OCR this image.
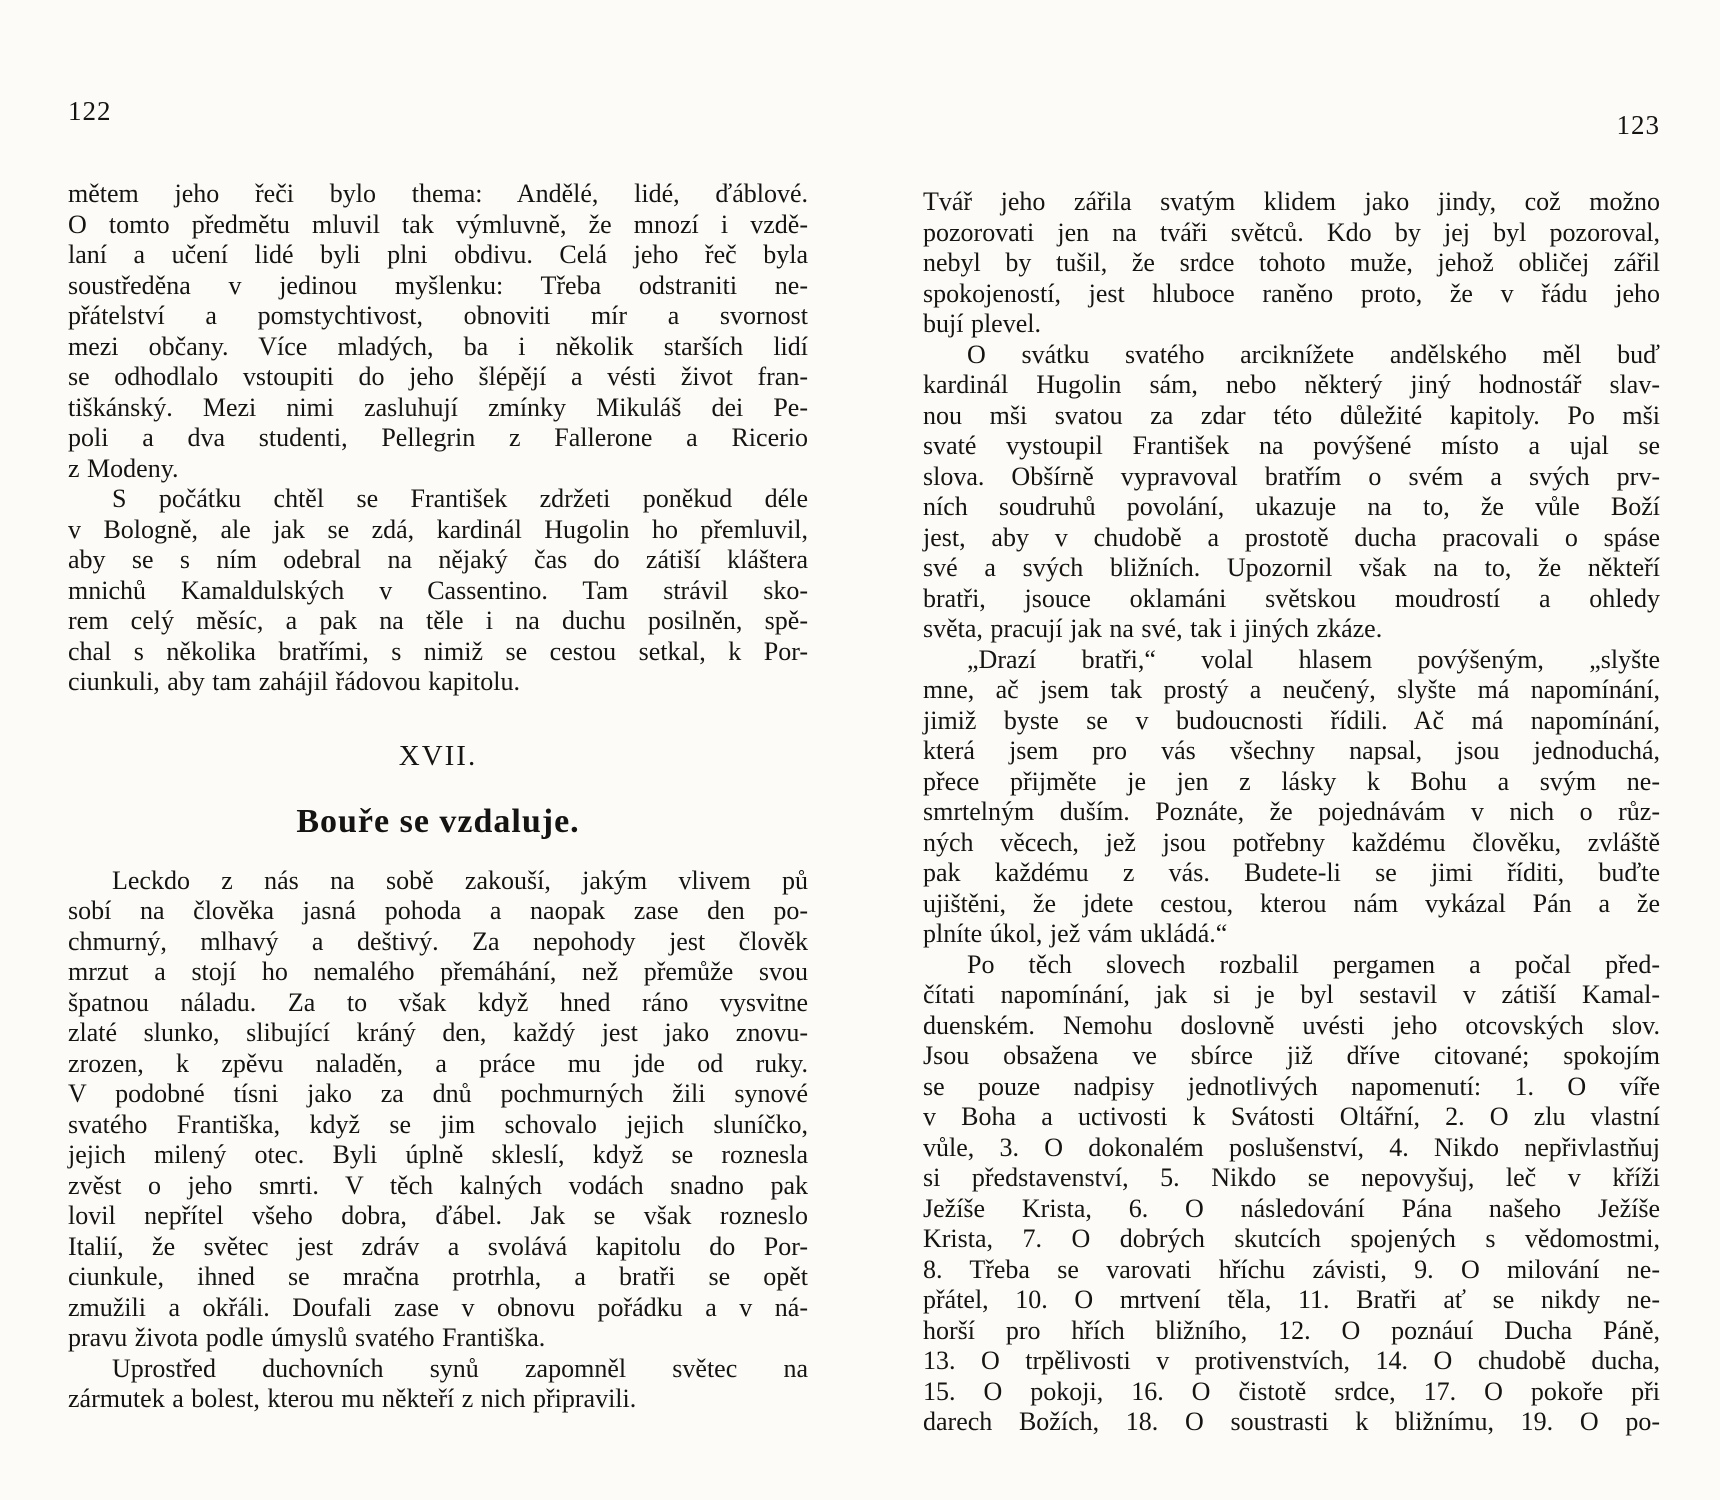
122
mětem jeho řeči bylo thema: Andělé, lidé, ďáblové.
O tomto předmětu mluvil tak výmluvně, že mnozí i vzdě-
laní a učení lidé byli plni obdivu. Celá jeho řeč byla
soustředěna v jedinou myšlenku: Třeba odstraniti ne-
přátelství a pomstychtivost, obnoviti mír a svornost
mezi občany. Více mladých, ba i několik starších lidí
se odhodlalo vstoupiti do jeho šlépějí a vésti život fran-
tiškánský. Mezi nimi zasluhují zmínky Mikuláš dei Pe-
poli a dva studenti, Pellegrin z Fallerone a Ricerio
z Modeny.
S počátku chtěl se František zdržeti poněkud déle
v Bologně, ale jak se zdá, kardinál Hugolin ho přemluvil,
aby se s ním odebral na nějaký čas do zátiší kláštera
mnichů Kamaldulských v Cassentino. Tam strávil sko-
rem celý měsíc, a pak na těle i na duchu posilněn, spě-
chal s několika bratřími, s nimiž se cestou setkal, k Por-
ciunkuli, aby tam zahájil řádovou kapitolu.
XVII.
Bouře se vzdaluje.
Leckdo z nás na sobě zakouší, jakým vlivem pů
sobí na člověka jasná pohoda a naopak zase den po-
chmurný, mlhavý a deštivý. Za nepohody jest člověk
mrzut a stojí ho nemalého přemáhání, než přemůže svou
špatnou náladu. Za to však když hned ráno vysvitne
zlaté slunko, slibující kráný den, každý jest jako znovu-
zrozen, k zpěvu naladěn, a práce mu jde od ruky.
V podobné tísni jako za dnů pochmurných žili synové
svatého Františka, když se jim schovalo jejich sluníčko,
jejich milený otec. Byli úplně skleslí, když se roznesla
zvěst o jeho smrti. V těch kalných vodách snadno pak
lovil nepřítel všeho dobra, ďábel. Jak se však rozneslo
Italií, že světec jest zdráv a svolává kapitolu do Por-
ciunkule, ihned se mračna protrhla, a bratři se opět
zmužili a okřáli. Doufali zase v obnovu pořádku a v ná-
pravu života podle úmyslů svatého Františka.
Uprostřed duchovních synů zapomněl světec na
zármutek a bolest, kterou mu někteří z nich připravili.
123
Tvář jeho zářila svatým klidem jako jindy, což možno
pozorovati jen na tváři světců. Kdo by jej byl pozoroval,
nebyl by tušil, že srdce tohoto muže, jehož obličej zářil
spokojeností, jest hluboce raněno proto, že v řádu jeho
bují plevel.
O svátku svatého arciknížete andělského měl buď
kardinál Hugolin sám, nebo některý jiný hodnostář slav-
nou mši svatou za zdar této důležité kapitoly. Po mši
svaté vystoupil František na povýšené místo a ujal se
slova. Obšírně vypravoval bratřím o svém a svých prv-
ních soudruhů povolání, ukazuje na to, že vůle Boží
jest, aby v chudobě a prostotě ducha pracovali o spáse
své a svých bližních. Upozornil však na to, že někteří
bratři, jsouce oklamáni světskou moudrostí a ohledy
světa, pracují jak na své, tak i jiných zkáze.
„Drazí bratři,“ volal hlasem povýšeným, „slyšte
mne, ač jsem tak prostý a neučený, slyšte má napomínání,
jimiž byste se v budoucnosti řídili. Ač má napomínání,
která jsem pro vás všechny napsal, jsou jednoduchá,
přece přijměte je jen z lásky k Bohu a svým ne-
smrtelným duším. Poznáte, že pojednávám v nich o růz-
ných věcech, jež jsou potřebny každému člověku, zvláště
pak každému z vás. Budete-li se jimi říditi, buďte
ujištěni, že jdete cestou, kterou nám vykázal Pán a že
plníte úkol, jež vám ukládá.“
Po těch slovech rozbalil pergamen a počal před-
čítati napomínání, jak si je byl sestavil v zátiší Kamal-
duenském. Nemohu doslovně uvésti jeho otcovských slov.
Jsou obsažena ve sbírce již dříve citované; spokojím
se pouze nadpisy jednotlivých napomenutí: 1. O víře
v Boha a uctivosti k Svátosti Oltářní, 2. O zlu vlastní
vůle, 3. O dokonalém poslušenství, 4. Nikdo nepřivlastňuj
si představenství, 5. Nikdo se nepovyšuj, leč v kříži
Ježíše Krista, 6. O následování Pána našeho Ježíše
Krista, 7. O dobrých skutcích spojených s vědomostmi,
8. Třeba se varovati hříchu závisti, 9. O milování ne-
přátel, 10. O mrtvení těla, 11. Bratři ať se nikdy ne-
horší pro hřích bližního, 12. O poznáuí Ducha Páně,
13. O trpělivosti v protivenstvích, 14. O chudobě ducha,
15. O pokoji, 16. O čistotě srdce, 17. O pokoře při
darech Božích, 18. O soustrasti k bližnímu, 19. O po-
